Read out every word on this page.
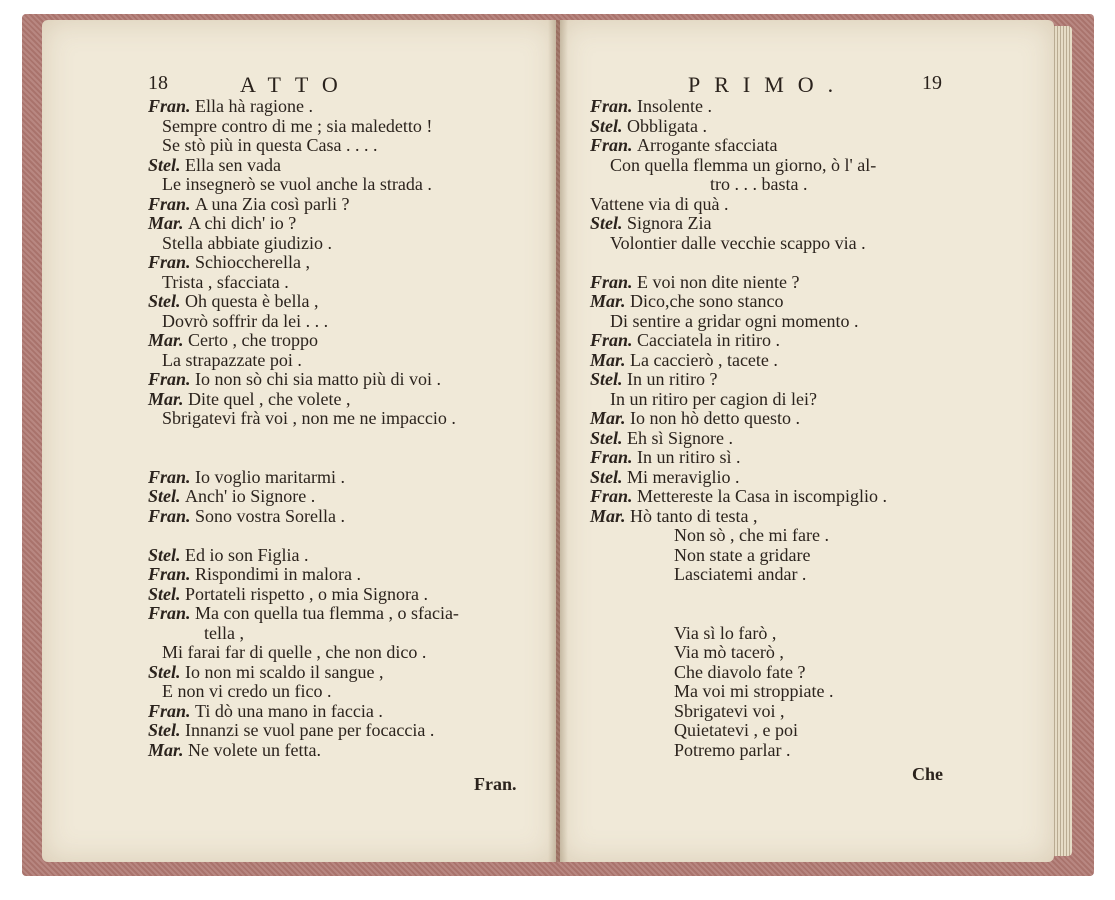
18	ATTO	PRIMO.	19
Fran. Ella hà ragione .
Sempre contro di me ; sia maledetto !
Se stò più in questa Casa . . . .
Stel. Ella sen vada
Le insegnerò se vuol anche la strada .
Fran. A una Zia così parli ?
Mar. A chi dich' io ?
Stella abbiate giudizio .
Fran. Schioccherella ,
Trista , sfacciata .
Stel. Oh questa è bella ,
Dovrò soffrir da lei . . .
Mar. Certo , che troppo
La strapazzate poi .
Fran. Io non sò chi sia matto più di voi .
Mar. Dite quel , che volete ,
Sbrigatevi frà voi , non me ne impaccio .
Fran. Io voglio maritarmi .
Stel. Anch' io Signore .
Fran. Sono vostra Sorella .
Stel. Ed io son Figlia .
Fran. Rispondimi in malora .
Stel. Portateli rispetto , o mia Signora .
Fran. Ma con quella tua flemma , o sfacia-
tella ,
Mi farai far di quelle , che non dico .
Stel. Io non mi scaldo il sangue ,
E non vi credo un fico .
Fran. Ti dò una mano in faccia .
Stel. Innanzi se vuol pane per focaccia .
Mar. Ne volete un fetta.
Fran. Insolente .
Stel. Obbligata .
Fran. Arrogante sfacciata
Con quella flemma un giorno, ò l' al-
tro . . . basta .
Vattene via di quà .
Stel. Signora Zia
Volontier dalle vecchie scappo via .
Fran. E voi non dite niente ?
Mar. Dico,che sono stanco
Di sentire a gridar ogni momento .
Fran. Cacciatela in ritiro .
Mar. La caccierò , tacete .
Stel. In un ritiro ?
In un ritiro per cagion di lei?
Mar. Io non hò detto questo .
Stel. Eh sì Signore .
Fran. In un ritiro sì .
Stel. Mi meraviglio .
Fran. Mettereste la Casa in iscompiglio .
Mar. Hò tanto di testa ,
Non sò , che mi fare .
Non state a gridare
Lasciatemi andar .
Via sì lo farò ,
Via mò tacerò ,
Che diavolo fate ?
Ma voi mi stroppiate .
Sbrigatevi voi ,
Quietatevi , e poi
Potremo parlar .
Fran.	Che
